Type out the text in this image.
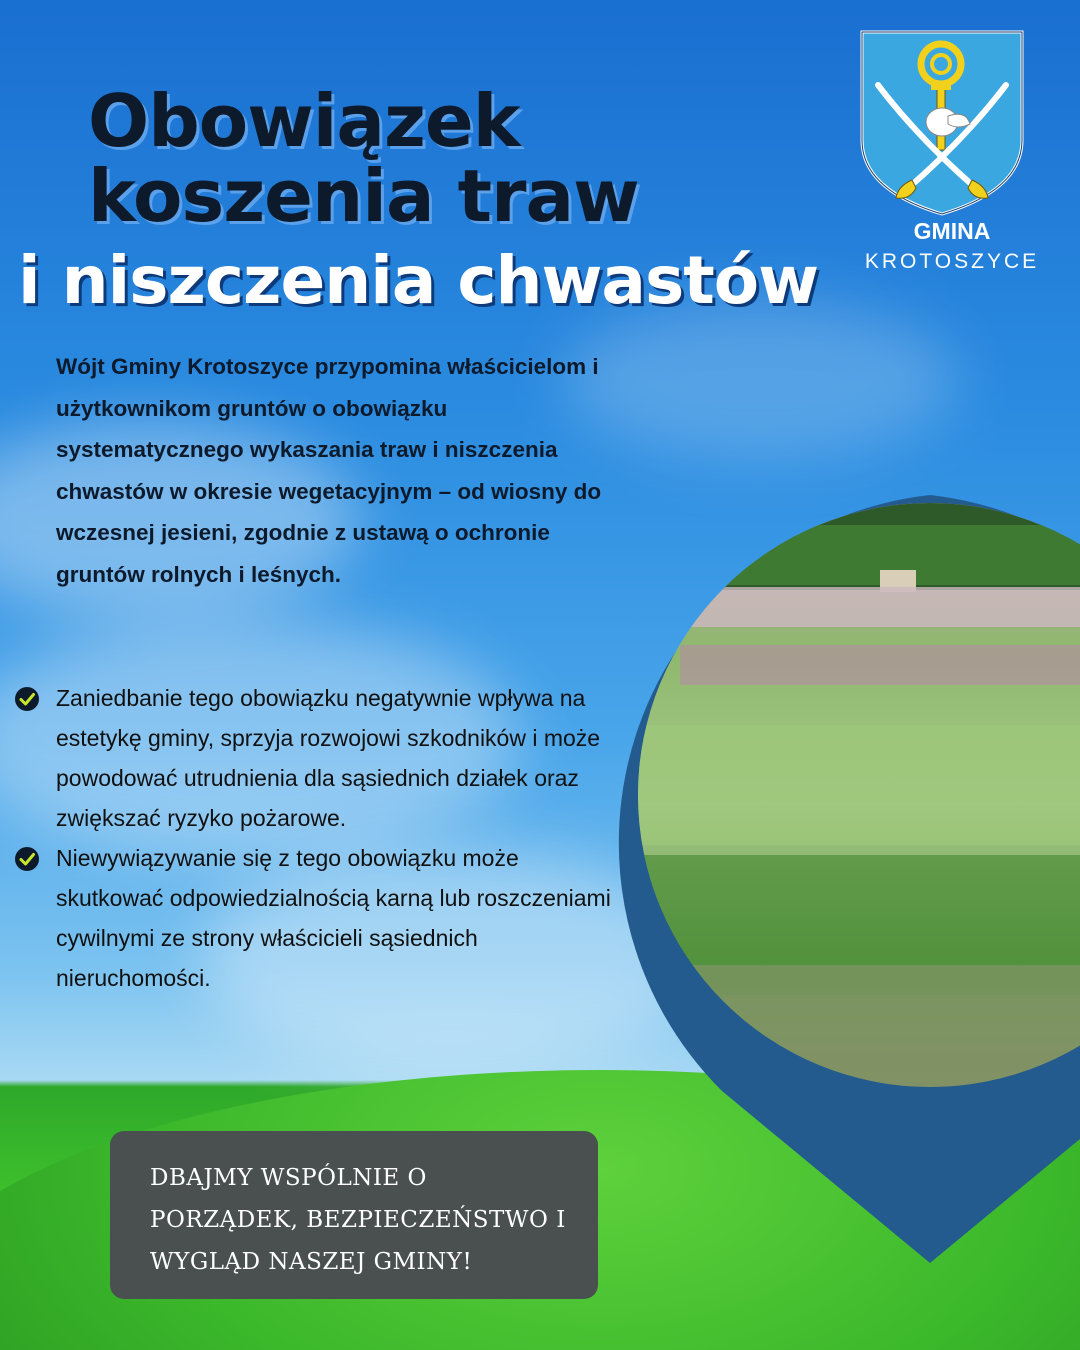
Obowiązek
koszenia traw
i niszczenia chwastów
GMINA
KROTOSZYCE

Wójt Gminy Krotoszyce przypomina właścicielom i użytkownikom gruntów o obowiązku systematycznego wykaszania traw i niszczenia chwastów w okresie wegetacyjnym – od wiosny do wczesnej jesieni, zgodnie z ustawą o ochronie gruntów rolnych i leśnych.

Zaniedbanie tego obowiązku negatywnie wpływa na estetykę gminy, sprzyja rozwojowi szkodników i może powodować utrudnienia dla sąsiednich działek oraz zwiększać ryzyko pożarowe.
Niewywiązywanie się z tego obowiązku może skutkować odpowiedzialnością karną lub roszczeniami cywilnymi ze strony właścicieli sąsiednich nieruchomości.
DBAJMY WSPÓLNIE O PORZĄDEK, BEZPIECZEŃSTWO I WYGLĄD NASZEJ GMINY!
